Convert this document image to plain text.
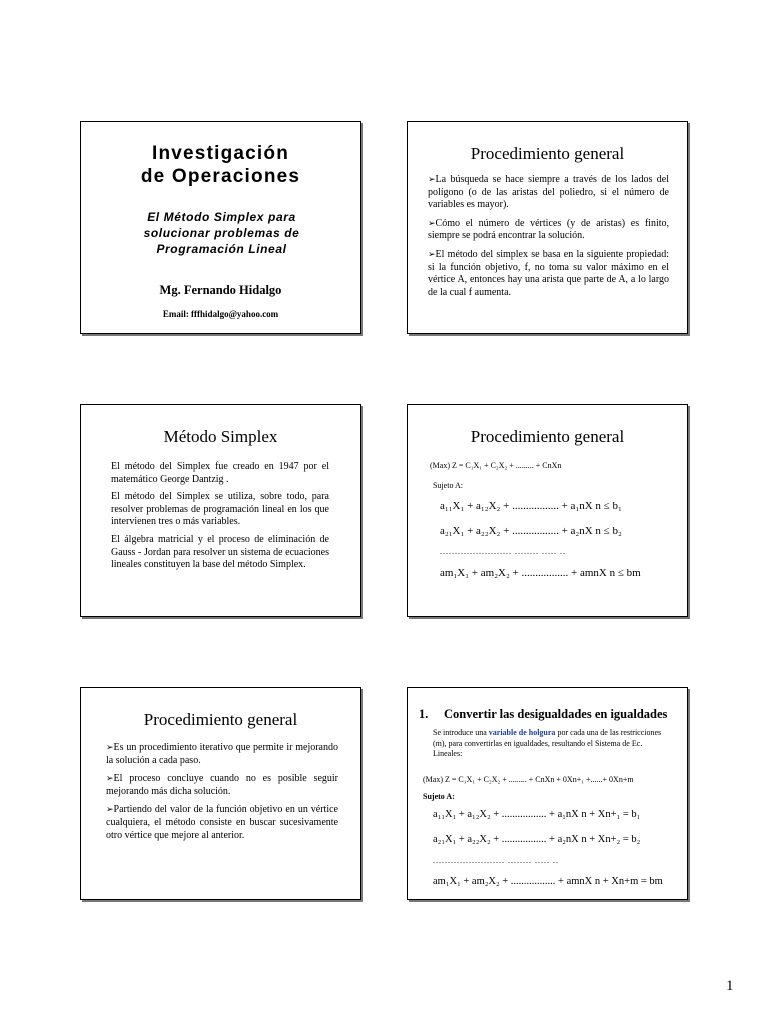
Investigación
de Operaciones
El Método Simplex para
solucionar problemas de
Programación Lineal
Mg. Fernando Hidalgo
Email: fffhidalgo@yahoo.com
Procedimiento general

➢La búsqueda se hace siempre a través de los lados del polígono (o de las aristas del poliedro, si el número de variables es mayor).

➢Cómo el número de vértices (y de aristas) es finito, siempre se podrá encontrar la solución.

➢El método del simplex se basa en la siguiente propiedad: si la función objetivo, f, no toma su valor máximo en el vértice A, entonces hay una arista que parte de A, a lo largo de la cual f aumenta.

Método Simplex

El método del Simplex fue creado en 1947 por el matemático George Dantzig .

El método del Simplex se utiliza, sobre todo, para resolver problemas de programación lineal en los que intervienen tres o más variables.

El álgebra matricial y el proceso de eliminación de Gauss - Jordan para resolver un sistema de ecuaciones lineales constituyen la base del método Simplex.

Procedimiento general
(Max) Z = C₁X₁ + C₂X₂ + ......... + CnXn
Sujeto A:
a₁₁X₁ + a₁₂X₂ + ................. + a₁nX n ≤ b₁
a₂₁X₁ + a₂₂X₂ + ................. + a₂nX n ≤ b₂
........................ ........ ..... ..
am₁X₁ + am₂X₂ + ................. + amnX n ≤ bm
Procedimiento general

➢Es un procedimiento iterativo que permite ir mejorando la solución a cada paso.

➢El proceso concluye cuando no es posible seguir mejorando más dicha solución.

➢Partiendo del valor de la función objetivo en un vértice cualquiera, el método consiste en buscar sucesivamente otro vértice que mejore al anterior.

1. Convertir las desigualdades en igualdades
Se introduce una variable de holgura por cada una de las restricciones (m), para convertirlas en igualdades, resultando el Sistema de Ec. Lineales:
(Max) Z = C₁X₁ + C₂X₂ + ......... + CnXn + 0Xn+₁ +......+ 0Xn+m
Sujeto A:
a₁₁X₁ + a₁₂X₂ + ................. + a₁nX n + Xn+₁ = b₁
a₂₁X₁ + a₂₂X₂ + ................. + a₂nX n + Xn+₂ = b₂
........................ ........ ..... ..
am₁X₁ + am₂X₂ + ................. + amnX n + Xn+m = bm
1
